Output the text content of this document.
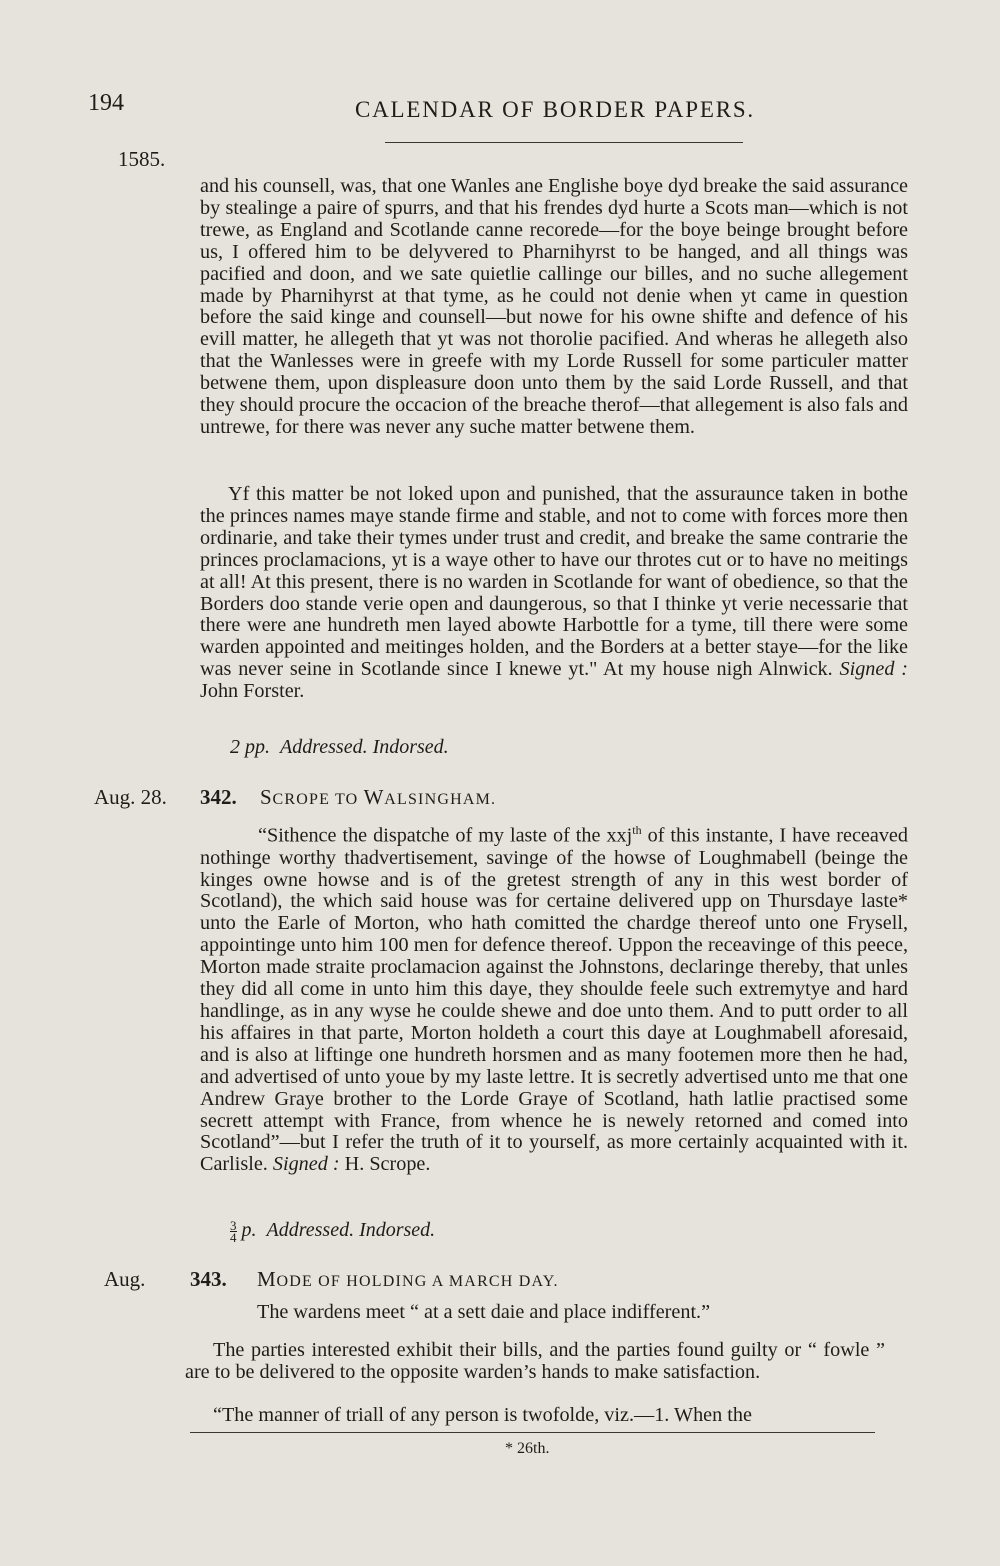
194	CALENDAR OF BORDER PAPERS.
1585.
and his counsell, was, that one Wanles ane Englishe boye dyd breake the said assurance by stealinge a paire of spurrs, and that his frendes dyd hurte a Scots man—which is not trewe, as England and Scotlande canne recorede—for the boye beinge brought before us, I offered him to be delyvered to Pharnihyrst to be hanged, and all things was pacified and doon, and we sate quietlie callinge our billes, and no suche allegement made by Pharnihyrst at that tyme, as he could not denie when yt came in question before the said kinge and counsell—but nowe for his owne shifte and defence of his evill matter, he allegeth that yt was not thorolie pacified. And wheras he allegeth also that the Wanlesses were in greefe with my Lorde Russell for some particuler matter betwene them, upon displeasure doon unto them by the said Lorde Russell, and that they should procure the occacion of the breache therof—that allegement is also fals and untrewe, for there was never any suche matter betwene them.
Yf this matter be not loked upon and punished, that the assuraunce taken in bothe the princes names maye stande firme and stable, and not to come with forces more then ordinarie, and take their tymes under trust and credit, and breake the same contrarie the princes proclamacions, yt is a waye other to have our throtes cut or to have no meitings at all! At this present, there is no warden in Scotlande for want of obedience, so that the Borders doo stande verie open and daungerous, so that I thinke yt verie necessarie that there were ane hundreth men layed abowte Harbottle for a tyme, till there were some warden appointed and meitinges holden, and the Borders at a better staye—for the like was never seine in Scotlande since I knewe yt." At my house nigh Alnwick. Signed : John Forster.
2 pp. Addressed. Indorsed.
Aug. 28. 342. SCROPE TO WALSINGHAM.
“Sithence the dispatche of my laste of the xxj$^{th}$ of this instante, I have receaved nothinge worthy thadvertisement, savinge of the howse of Loughmabell (beinge the kinges owne howse and is of the gretest strength of any in this west border of Scotland), the which said house was for certaine delivered upp on Thursdaye laste* unto the Earle of Morton, who hath comitted the chardge thereof unto one Frysell, appointinge unto him 100 men for defence thereof. Uppon the receavinge of this peece, Morton made straite proclamacion against the Johnstons, declaringe thereby, that unles they did all come in unto him this daye, they shoulde feele such extremytye and hard handlinge, as in any wyse he coulde shewe and doe unto them. And to putt order to all his affaires in that parte, Morton holdeth a court this daye at Loughmabell aforesaid, and is also at liftinge one hundreth horsmen and as many footemen more then he had, and advertised of unto youe by my laste lettre. It is secretly advertised unto me that one Andrew Graye brother to the Lorde Graye of Scotland, hath latlie practised some secrett attempt with France, from whence he is newely retorned and comed into Scotland”—but I refer the truth of it to yourself, as more certainly acquainted with it. Carlisle. Signed : H. Scrope.
$\frac{3}{4} p$. Addressed. Indorsed.
Aug. 343. MODE OF HOLDING A MARCH DAY.
The wardens meet “ at a sett daie and place indifferent.”
The parties interested exhibit their bills, and the parties found guilty or “ fowle ” are to be delivered to the opposite warden’s hands to make satisfaction.
“The manner of triall of any person is twofolde, viz.—1. When the
* 26th.
